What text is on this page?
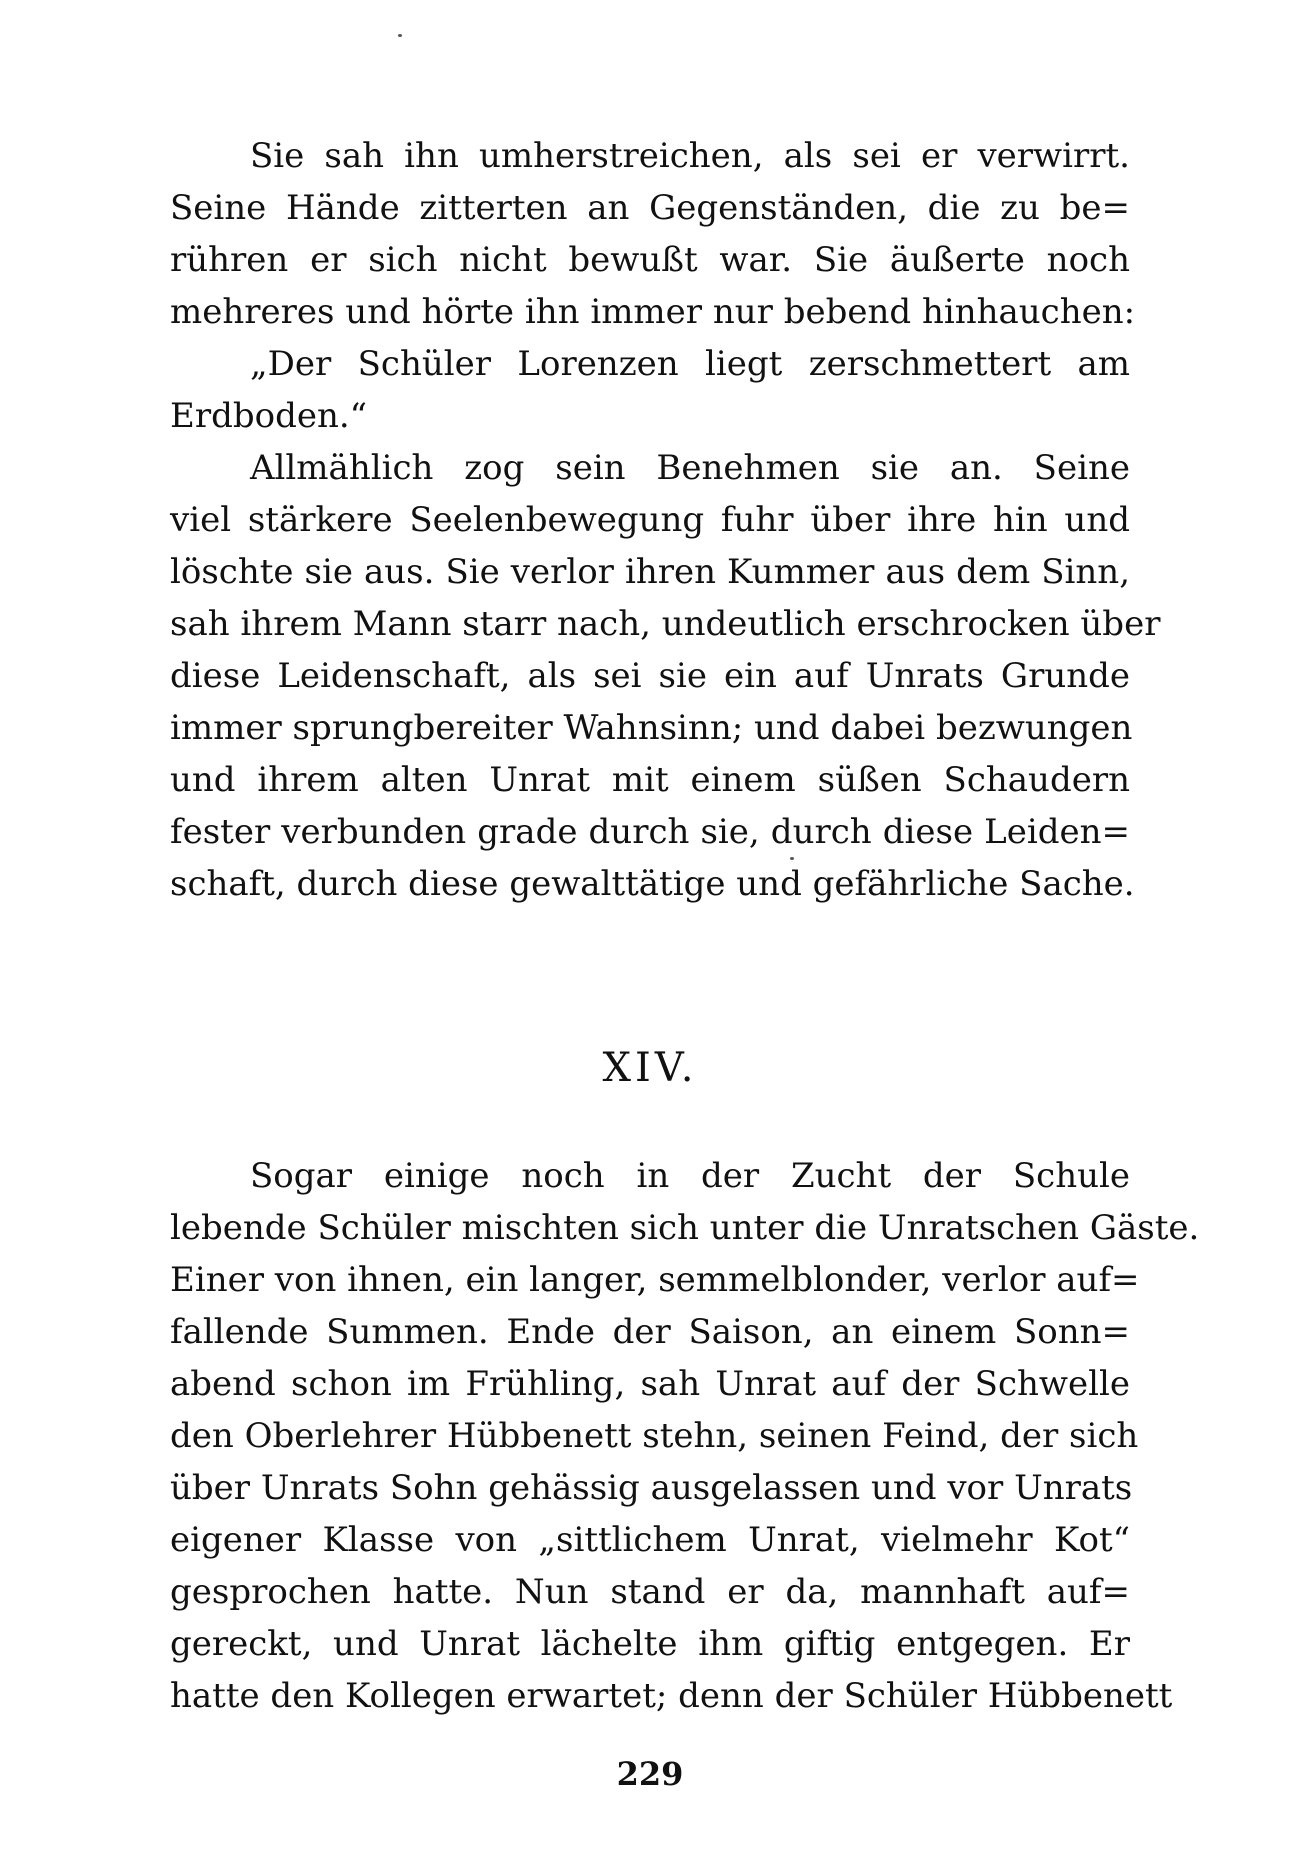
Sie sah ihn umherstreichen, als sei er verwirrt.
Seine Hände zitterten an Gegenständen, die zu be=
rühren er sich nicht bewußt war. Sie äußerte noch
mehreres und hörte ihn immer nur bebend hinhauchen:
„Der Schüler Lorenzen liegt zerschmettert am
Erdboden.“
Allmählich zog sein Benehmen sie an. Seine
viel stärkere Seelenbewegung fuhr über ihre hin und
löschte sie aus. Sie verlor ihren Kummer aus dem Sinn,
sah ihrem Mann starr nach, undeutlich erschrocken über
diese Leidenschaft, als sei sie ein auf Unrats Grunde
immer sprungbereiter Wahnsinn; und dabei bezwungen
und ihrem alten Unrat mit einem süßen Schaudern
fester verbunden grade durch sie, durch diese Leiden=
schaft, durch diese gewalttätige und gefährliche Sache.
XIV.
Sogar einige noch in der Zucht der Schule
lebende Schüler mischten sich unter die Unratschen Gäste.
Einer von ihnen, ein langer, semmelblonder, verlor auf=
fallende Summen. Ende der Saison, an einem Sonn=
abend schon im Frühling, sah Unrat auf der Schwelle
den Oberlehrer Hübbenett stehn, seinen Feind, der sich
über Unrats Sohn gehässig ausgelassen und vor Unrats
eigener Klasse von „sittlichem Unrat, vielmehr Kot“
gesprochen hatte. Nun stand er da, mannhaft auf=
gereckt, und Unrat lächelte ihm giftig entgegen. Er
hatte den Kollegen erwartet; denn der Schüler Hübbenett
229
